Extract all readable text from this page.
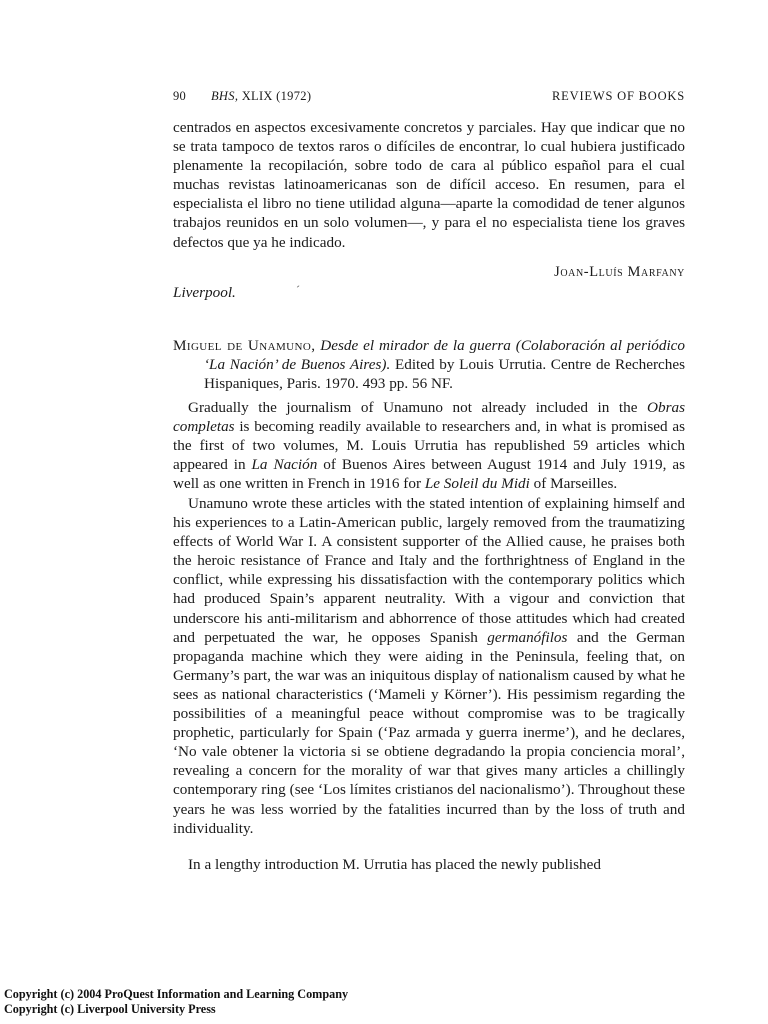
90 BHS, XLIX (1972)	REVIEWS OF BOOKS

centrados en aspectos excesivamente concretos y parciales. Hay que indicar que no se trata tampoco de textos raros o difíciles de encontrar, lo cual hubiera justificado plenamente la recopilación, sobre todo de cara al público español para el cual muchas revistas latinoamericanas son de difícil acceso. En resumen, para el especialista el libro no tiene utilidad alguna—aparte la comodidad de tener algunos trabajos reunidos en un solo volumen—, y para el no especialista tiene los graves defectos que ya he indicado.

Joan-Lluís Marfany
Liverpool.	´

Miguel de Unamuno, Desde el mirador de la guerra (Colaboración al periódico ‘La Nación’ de Buenos Aires). Edited by Louis Urrutia. Centre de Recherches Hispaniques, Paris. 1970. 493 pp. 56 NF.

Gradually the journalism of Unamuno not already included in the Obras completas is becoming readily available to researchers and, in what is promised as the first of two volumes, M. Louis Urrutia has republished 59 articles which appeared in La Nación of Buenos Aires between August 1914 and July 1919, as well as one written in French in 1916 for Le Soleil du Midi of Marseilles.

Unamuno wrote these articles with the stated intention of explaining himself and his experiences to a Latin-American public, largely removed from the traumatizing effects of World War I. A consistent supporter of the Allied cause, he praises both the heroic resistance of France and Italy and the forthrightness of England in the conflict, while expressing his dissatisfaction with the contemporary politics which had produced Spain’s apparent neutrality. With a vigour and conviction that underscore his anti-militarism and abhorrence of those attitudes which had created and perpetuated the war, he opposes Spanish germanófilos and the German propaganda machine which they were aiding in the Peninsula, feeling that, on Germany’s part, the war was an iniquitous display of nationalism caused by what he sees as national characteristics (‘Mameli y Körner’). His pessimism regarding the possibilities of a meaningful peace without compromise was to be tragically prophetic, particularly for Spain (‘Paz armada y guerra inerme’), and he declares, ‘No vale obtener la victoria si se obtiene degradando la propia conciencia moral’, revealing a concern for the morality of war that gives many articles a chillingly contemporary ring (see ‘Los límites cristianos del nacionalismo’). Throughout these years he was less worried by the fatalities incurred than by the loss of truth and individuality.

In a lengthy introduction M. Urrutia has placed the newly published

Copyright (c) 2004 ProQuest Information and Learning Company
Copyright (c) Liverpool University Press
